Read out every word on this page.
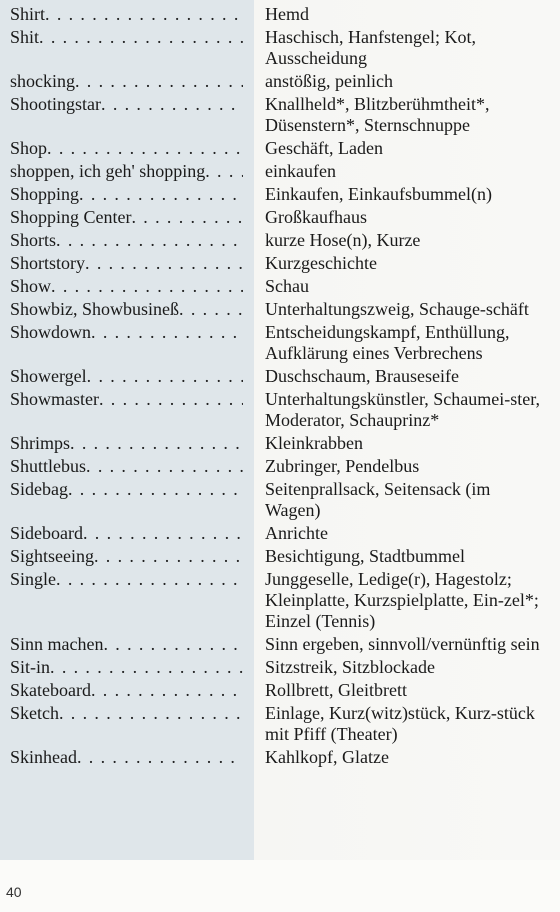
Shirt . . .	Hemd
Shit . . .	Haschisch, Hanfstengel; Kot, Ausscheidung
shocking . . .	anstößig, peinlich
Shootingstar . . .	Knallheld*, Blitzberühmtheit*, Düsenstern*, Sternschnuppe
Shop . . .	Geschäft, Laden
shoppen, ich geh' shopping . . .	einkaufen
Shopping . . .	Einkaufen, Einkaufsbummel(n)
Shopping Center . . .	Großkaufhaus
Shorts . . .	kurze Hose(n), Kurze
Shortstory . . .	Kurzgeschichte
Show . . .	Schau
Showbiz, Showbusineß . . .	Unterhaltungszweig, Schauge-schäft
Showdown . . .	Entscheidungskampf, Enthüllung, Aufklärung eines Verbrechens
Showergel . . .	Duschschaum, Brauseseife
Showmaster . . .	Unterhaltungskünstler, Schaumei-ster, Moderator, Schauprinz*
Shrimps . . .	Kleinkrabben
Shuttlebus . . .	Zubringer, Pendelbus
Sidebag . . .	Seitenprallsack, Seitensack (im Wagen)
Sideboard . . .	Anrichte
Sightseeing . . .	Besichtigung, Stadtbummel
Single . . .	Junggeselle, Ledige(r), Hagestolz; Kleinplatte, Kurzspielplatte, Ein-zel*; Einzel (Tennis)
Sinn machen . . .	Sinn ergeben, sinnvoll/vernünftig sein
Sit-in . . .	Sitzstreik, Sitzblockade
Skateboard . . .	Rollbrett, Gleitbrett
Sketch . . .	Einlage, Kurz(witz)stück, Kurz-stück mit Pfiff (Theater)
Skinhead . . .	Kahlkopf, Glatze
40
